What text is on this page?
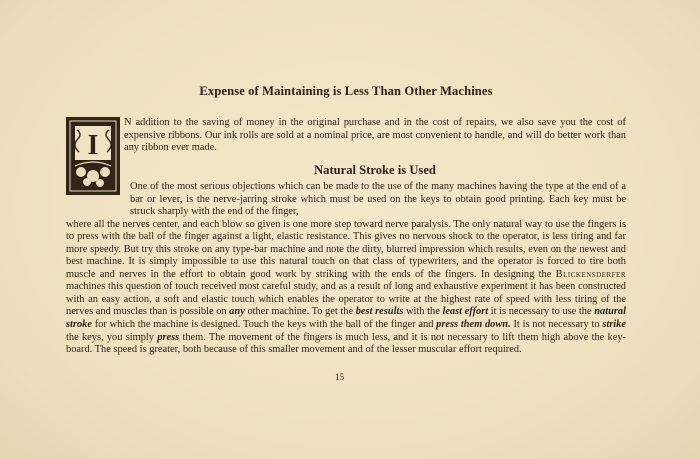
Expense of Maintaining is Less Than Other Machines
I
N addition to the saving of money in the original purchase and in the cost of repairs, we also save you the cost of expensive ribbons. Our ink rolls are sold at a nominal price, are most convenient to handle, and will do better work than any ribbon ever made.
Natural Stroke is Used

One of the most serious objections which can be made to the use of the many machines having the type at the end of a bar or lever, is the nerve-jarring stroke which must be used on the keys to obtain good printing. Each key must be struck sharply with the end of the finger,

where all the nerves center, and each blow so given is one more step toward nerve paralysis. The only natural way to use the fingers is to press with the ball of the finger against a light, elastic resistance. This gives no nervous shock to the operator, is less tiring and far more speedy. But try this stroke on any type-bar machine and note the dirty, blurred impression which results, even on the newest and best machine. It is simply impossible to use this natural touch on that class of typewriters, and the operator is forced to tire both muscle and nerves in the effort to obtain good work by striking with the ends of the fingers. In designing the Blickensderfer machines this question of touch received most careful study, and as a result of long and exhaustive experiment it has been constructed with an easy action, a soft and elastic touch which enables the operator to write at the highest rate of speed with less tiring of the nerves and muscles than is possible on any other machine. To get the best results with the least effort it is necessary to use the natural stroke for which the machine is designed. Touch the keys with the ball of the finger and press them down. It is not necessary to strike the keys, you simply press them. The movement of the fingers is much less, and it is not necessary to lift them high above the key-board. The speed is greater, both because of this smaller movement and of the lesser muscular effort required.

15
